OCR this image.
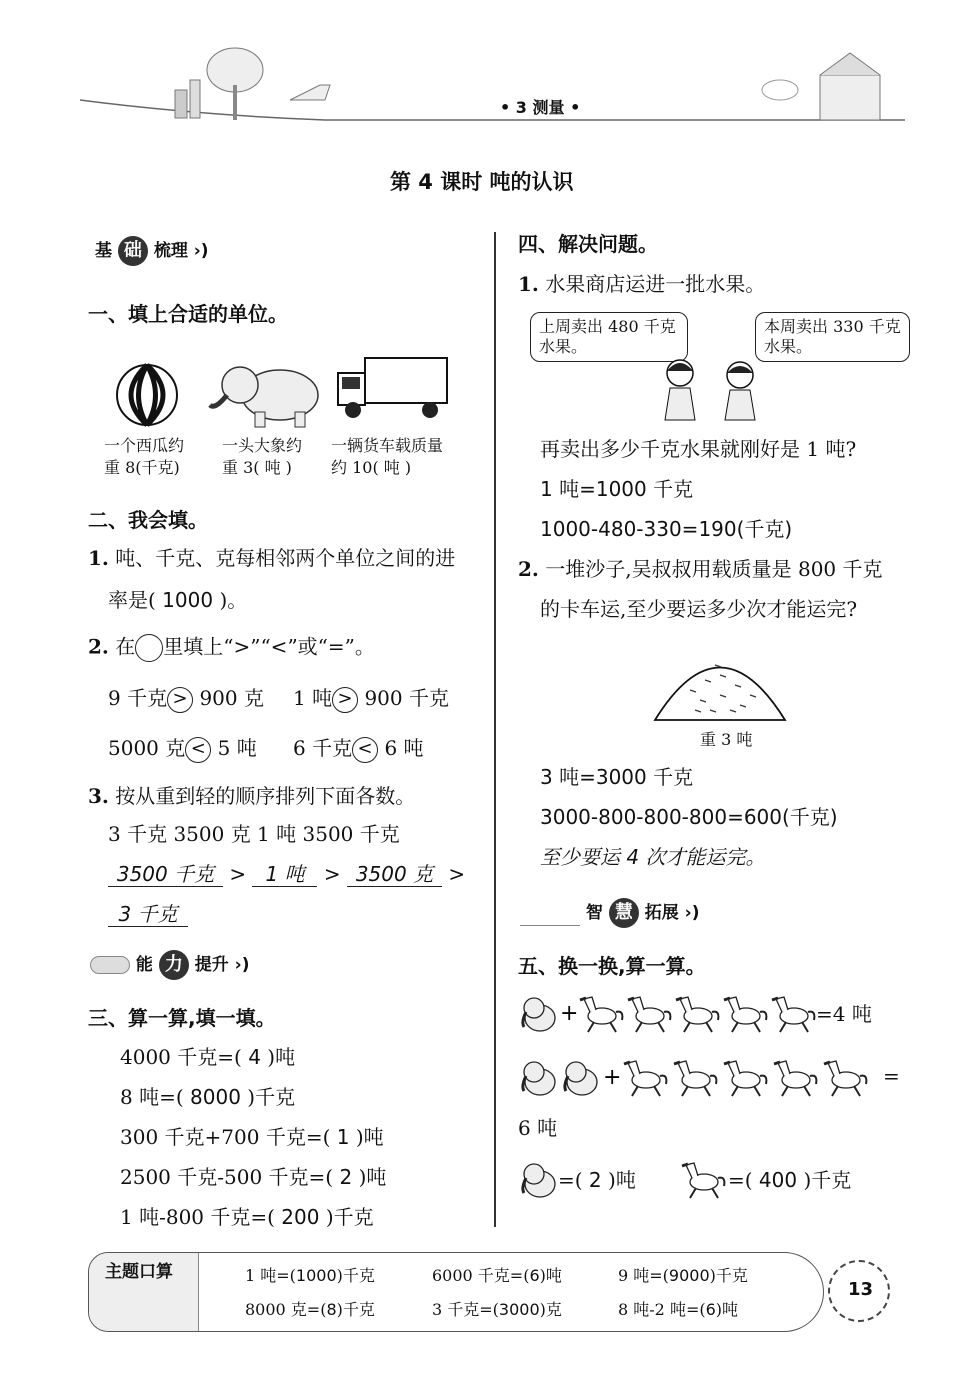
• 3 测量 •
第 4 课时 吨的认识
基 础 梳理 ›)
一、填上合适的单位。
一个西瓜约
重 8(千克)
一头大象约
重 3( 吨 )
一辆货车载质量
约 10( 吨 )
二、我会填。
1. 吨、千克、克每相邻两个单位之间的进
率是( 1000 )。
2. 在 里填上“>”“<”或“=”。
9 千克 > 900 克 1 吨 > 900 千克
5000 克 < 5 吨 6 千克 < 6 吨
3. 按从重到轻的顺序排列下面各数。
3 千克 3500 克 1 吨 3500 千克
3500 千克 > 1 吨 > 3500 克 >
3 千克
能 力 提升 ›)
三、算一算,填一填。
4000 千克=( 4 )吨
8 吨=( 8000 )千克
300 千克+700 千克=( 1 )吨
2500 千克-500 千克=( 2 )吨
1 吨-800 千克=( 200 )千克
四、解决问题。
1. 水果商店运进一批水果。
上周卖出 480 千克
水果。
本周卖出 330 千克
水果。
再卖出多少千克水果就刚好是 1 吨?
1 吨=1000 千克
1000-480-330=190(千克)
2. 一堆沙子,吴叔叔用载质量是 800 千克
的卡车运,至少要运多少次才能运完?
重 3 吨
3 吨=3000 千克
3000-800-800-800=600(千克)
至少要运 4 次才能运完。
智 慧 拓展 ›)
五、换一换,算一算。
+	=4 吨
+	=
6 吨
=( 2 )吨	=( 400 )千克
主题口算	1 吨=(1000)千克	6000 千克=(6)吨	9 吨=(9000)千克
8000 克=(8)千克	3 千克=(3000)克	8 吨-2 吨=(6)吨
13
